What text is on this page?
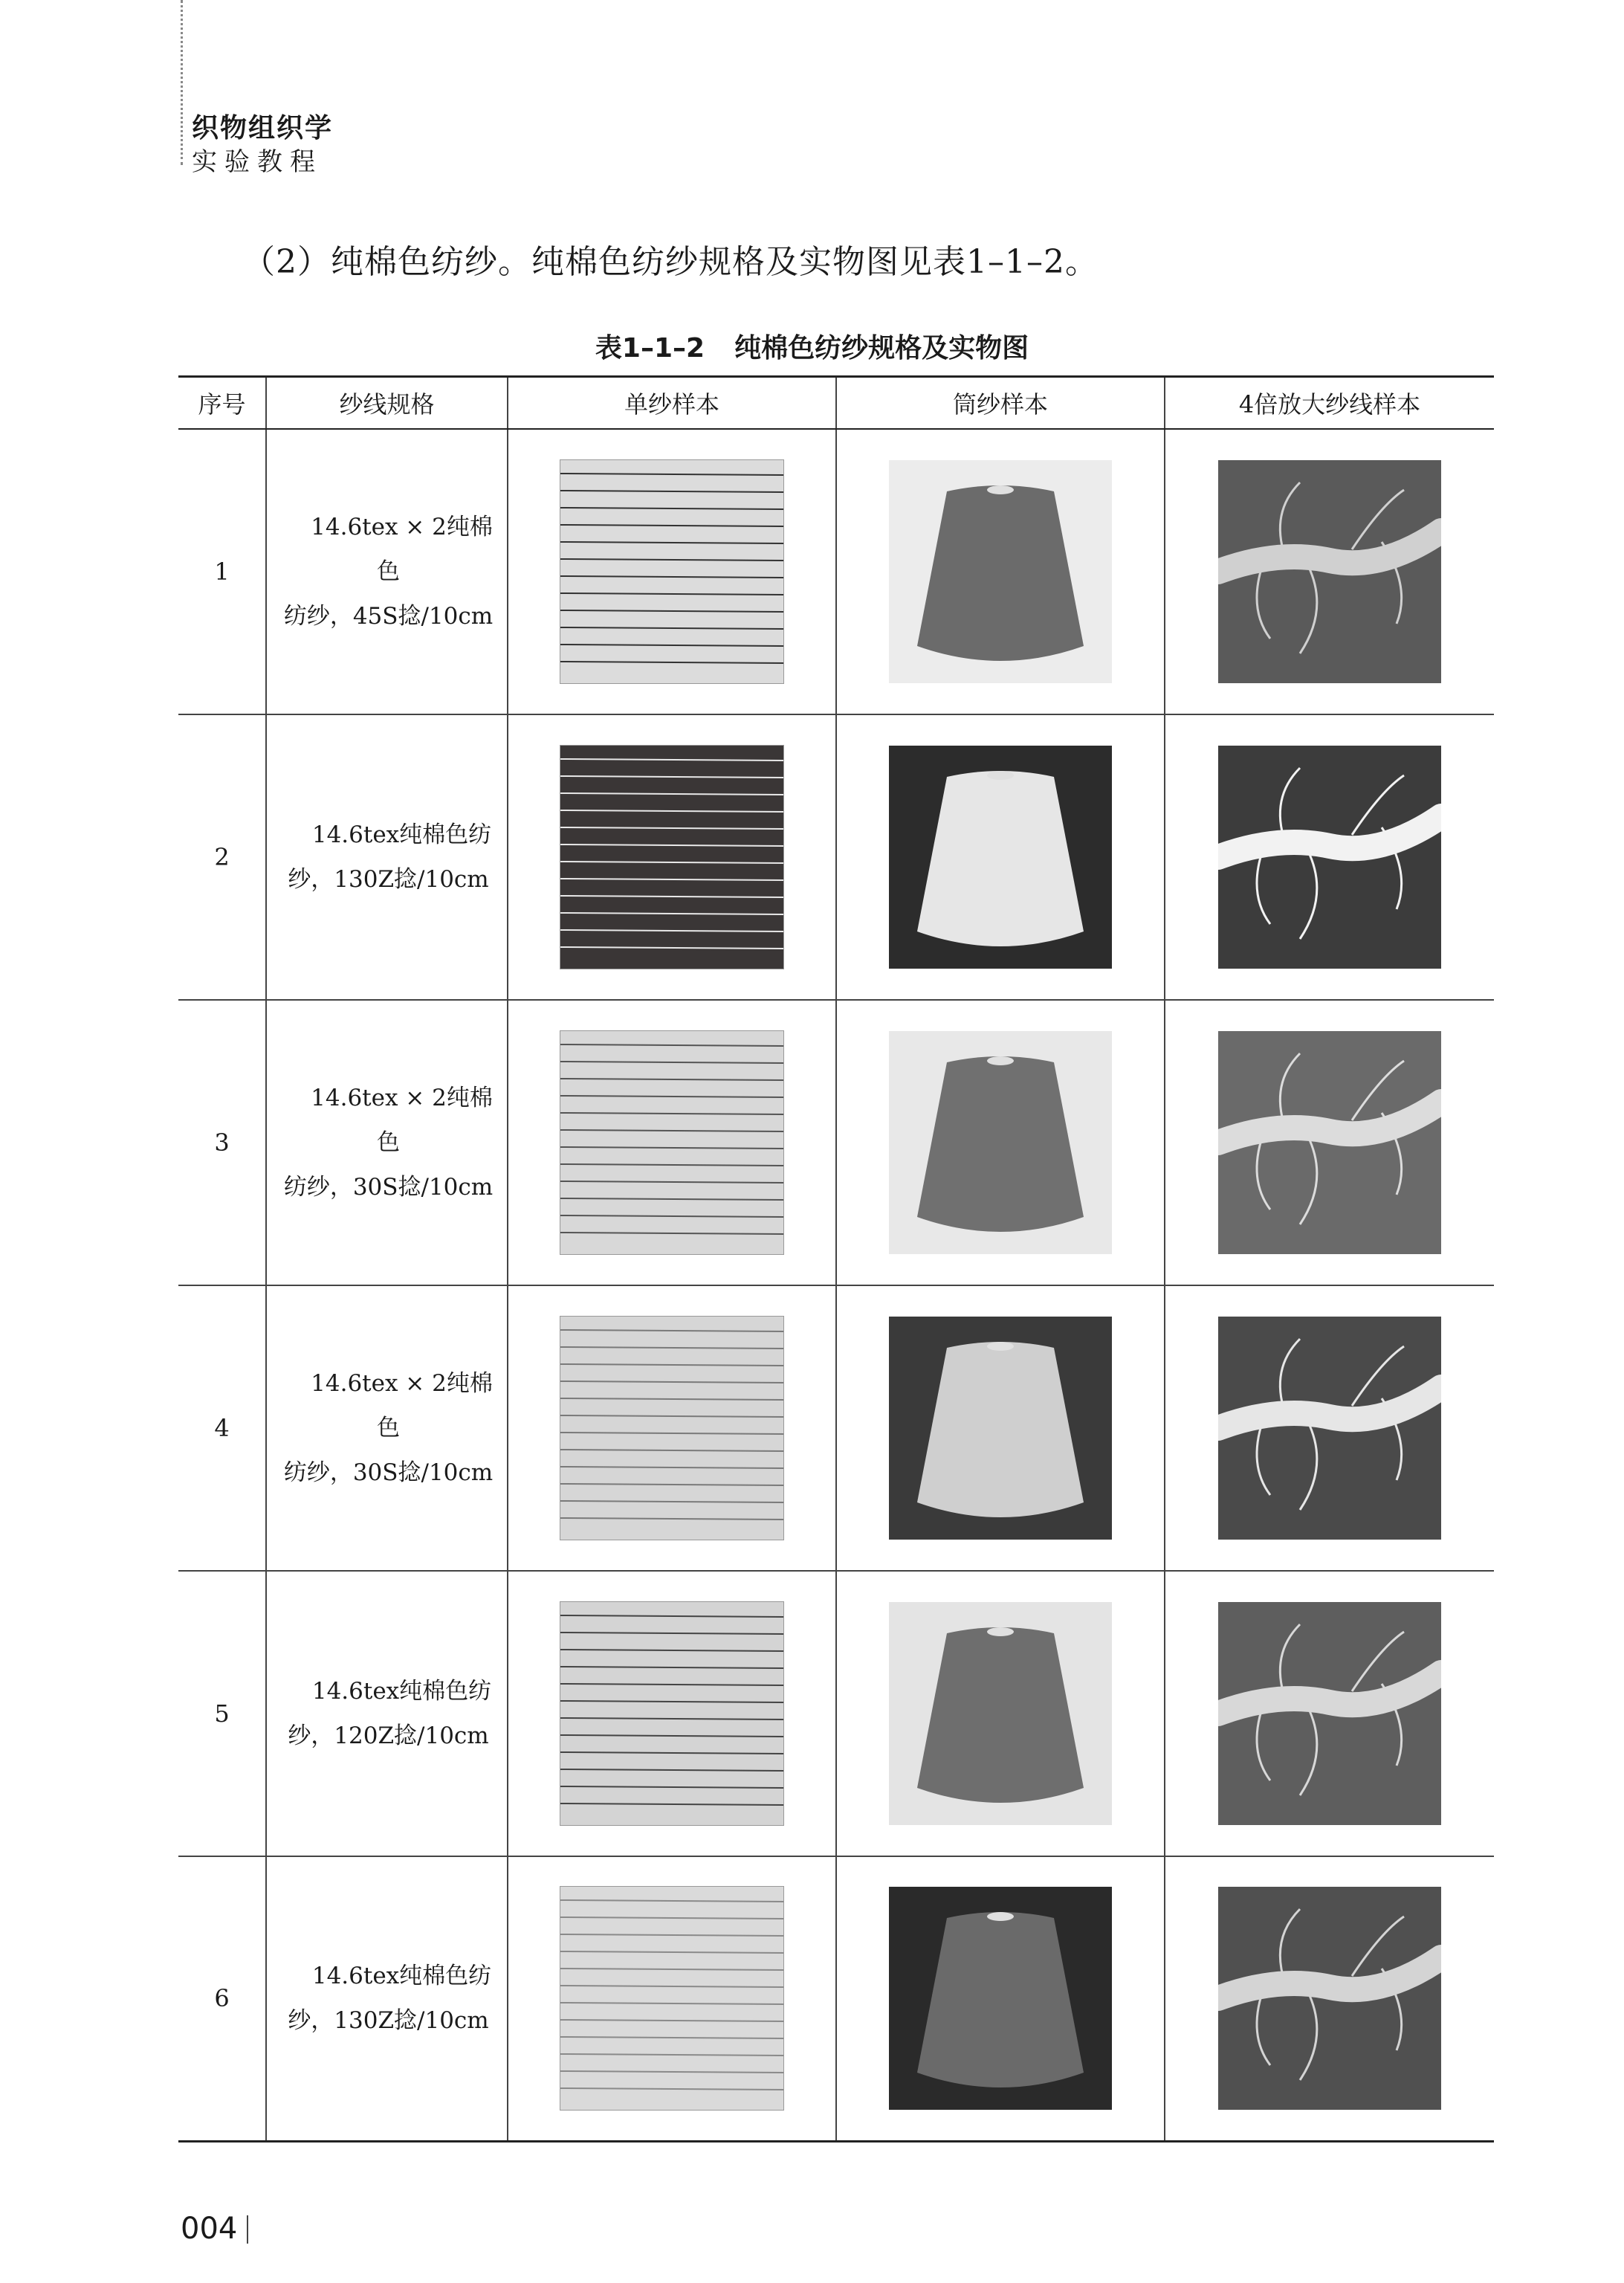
织物组织学
实验教程
（2）纯棉色纺纱。纯棉色纺纱规格及实物图见表1–1–2。
表1–1–2 纯棉色纺纱规格及实物图
序号	纱线规格	单纱样本	筒纱样本	4倍放大纱线样本
1	14.6tex × 2纯棉色
纺纱，45S捻/10cm

2	14.6tex纯棉色纺
纱，130Z捻/10cm

3	14.6tex × 2纯棉色
纺纱，30S捻/10cm

4	14.6tex × 2纯棉色
纺纱，30S捻/10cm

5	14.6tex纯棉色纺
纱，120Z捻/10cm

6	14.6tex纯棉色纺
纱，130Z捻/10cm

004
